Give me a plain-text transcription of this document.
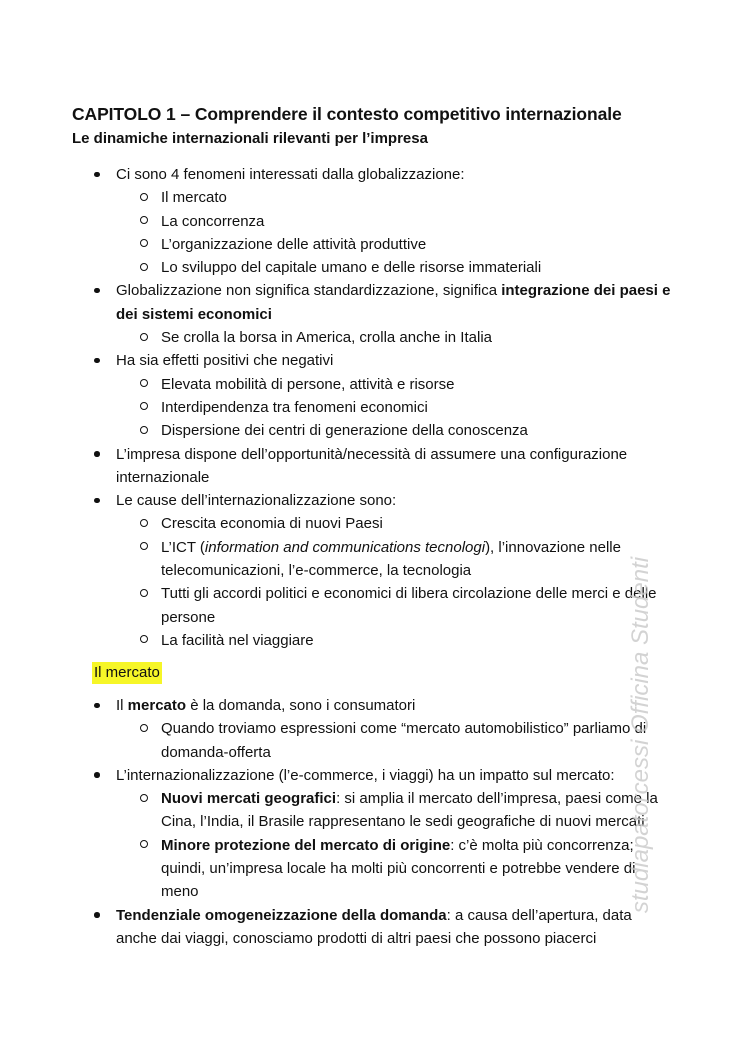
CAPITOLO 1 – Comprendere il contesto competitivo internazionale
Le dinamiche internazionali rilevanti per l’impresa
Ci sono 4 fenomeni interessati dalla globalizzazione:
Il mercato
La concorrenza
L’organizzazione delle attività produttive
Lo sviluppo del capitale umano e delle risorse immateriali
Globalizzazione non significa standardizzazione, significa integrazione dei paesi e dei sistemi economici
Se crolla la borsa in America, crolla anche in Italia
Ha sia effetti positivi che negativi
Elevata mobilità di persone, attività e risorse
Interdipendenza tra fenomeni economici
Dispersione dei centri di generazione della conoscenza
L’impresa dispone dell’opportunità/necessità di assumere una configurazione internazionale
Le cause dell’internazionalizzazione sono:
Crescita economia di nuovi Paesi
L’ICT (information and communications tecnologi), l’innovazione nelle telecomunicazioni, l’e-commerce, la tecnologia
Tutti gli accordi politici e economici di libera circolazione delle merci e delle persone
La facilità nel viaggiare
Il mercato
Il mercato è la domanda, sono i consumatori
Quando troviamo espressioni come “mercato automobilistico” parliamo di domanda-offerta
L’internazionalizzazione (l’e-commerce, i viaggi) ha un impatto sul mercato:
Nuovi mercati geografici: si amplia il mercato dell’impresa, paesi come la Cina, l’India, il Brasile rappresentano le sedi geografiche di nuovi mercati
Minore protezione del mercato di origine: c’è molta più concorrenza; quindi, un’impresa locale ha molti più concorrenti e potrebbe vendere di meno
Tendenziale omogeneizzazione della domanda: a causa dell’apertura, data anche dai viaggi, conosciamo prodotti di altri paesi che possono piacerci
studiapatorcessi Officina Studenti
